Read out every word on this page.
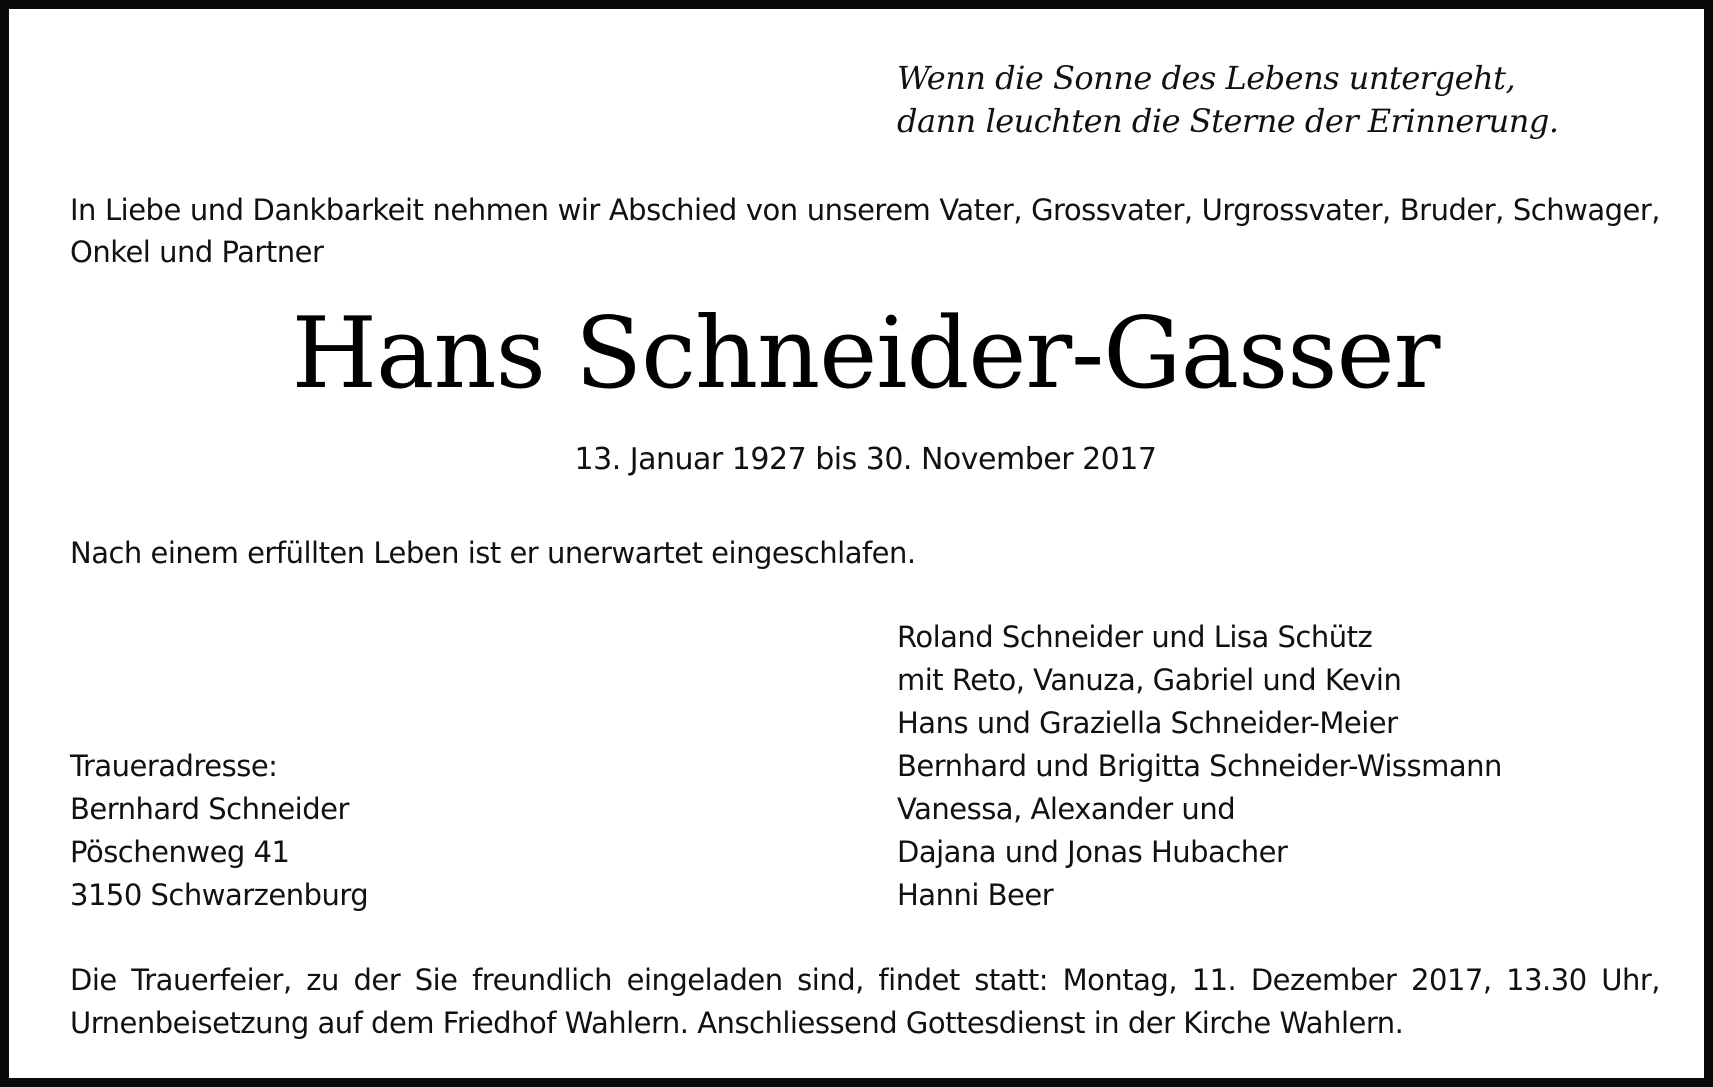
Wenn die Sonne des Lebens untergeht,
dann leuchten die Sterne der Erinnerung.
In Liebe und Dankbarkeit nehmen wir Abschied von unserem Vater, Grossvater, Urgrossvater, Bruder, Schwager, Onkel und Partner
Hans Schneider-Gasser
13. Januar 1927 bis 30. November 2017
Nach einem erfüllten Leben ist er unerwartet eingeschlafen.
Roland Schneider und Lisa Schütz
mit Reto, Vanuza, Gabriel und Kevin
Hans und Graziella Schneider-Meier
Bernhard und Brigitta Schneider-Wissmann
Vanessa, Alexander und
Dajana und Jonas Hubacher
Hanni Beer
Traueradresse:
Bernhard Schneider
Pöschenweg 41
3150 Schwarzenburg
Die Trauerfeier, zu der Sie freundlich eingeladen sind, findet statt: Montag, 11. Dezember 2017, 13.30 Uhr, Urnenbeisetzung auf dem Friedhof Wahlern. Anschliessend Gottesdienst in der Kirche Wahlern.
